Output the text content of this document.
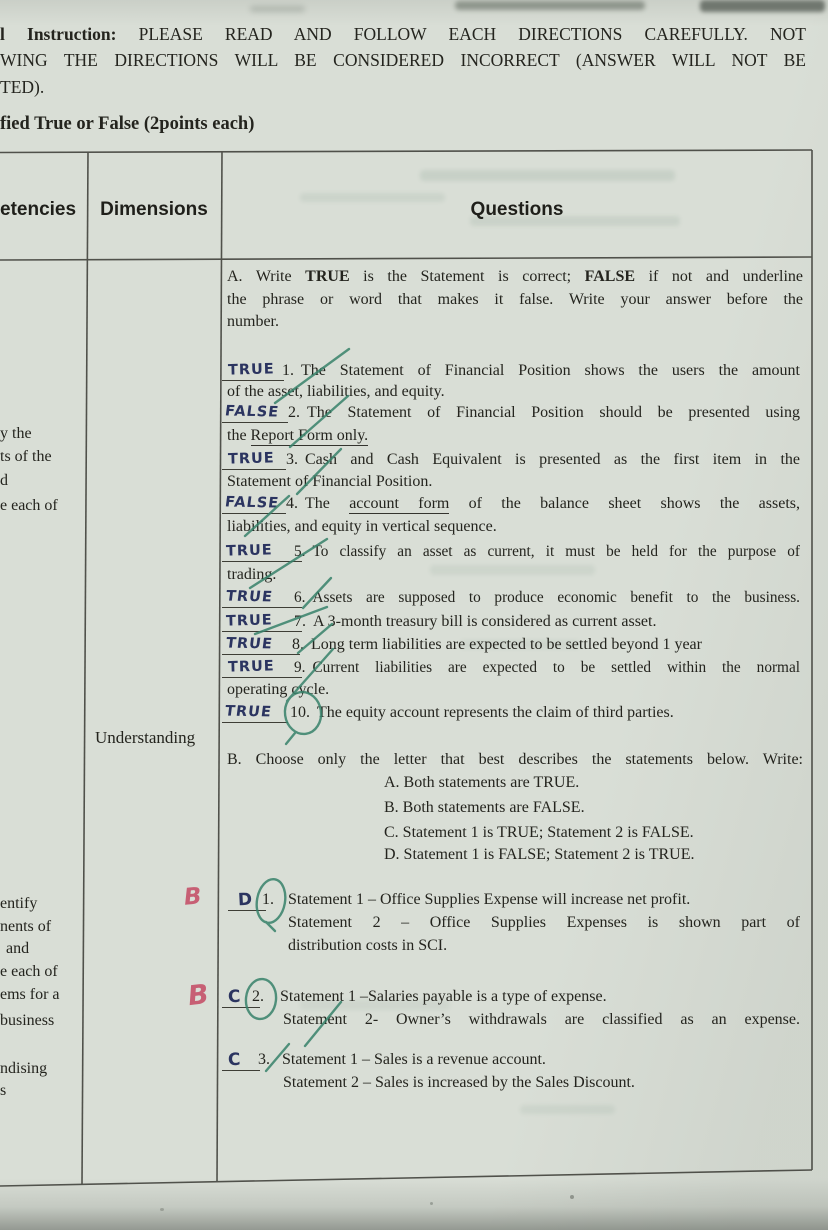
l Instruction: PLEASE READ AND FOLLOW EACH DIRECTIONS CAREFULLY. NOT
WING THE DIRECTIONS WILL BE CONSIDERED INCORRECT (ANSWER WILL NOT BE
TED).
fied True or False (2points each)
etencies	Dimensions	Questions
y the
ts of the
d
e each of
entify
nents of
and
e each of
ems for a
business
ndising
s
Understanding
A. Write TRUE is the Statement is correct; FALSE if not and underline
the phrase or word that makes it false. Write your answer before the
number.
1. The Statement of Financial Position shows the users the amount
of the asset, liabilities, and equity.
2. The Statement of Financial Position should be presented using
the Report Form only.
3. Cash and Cash Equivalent is presented as the first item in the
Statement of Financial Position.
4. The account form of the balance sheet shows the assets,
liabilities, and equity in vertical sequence.
5. To classify an asset as current, it must be held for the purpose of
trading.
6. Assets are supposed to produce economic benefit to the business.
7. A 3-month treasury bill is considered as current asset.
8. Long term liabilities are expected to be settled beyond 1 year
9. Current liabilities are expected to be settled within the normal
operating cycle.
10. The equity account represents the claim of third parties.
TRUE
FALSE
TRUE
FALSE
TRUE
TRUE
TRUE
TRUE
TRUE
TRUE
B. Choose only the letter that best describes the statements below. Write:
A. Both statements are TRUE.
B. Both statements are FALSE.
C. Statement 1 is TRUE; Statement 2 is FALSE.
D. Statement 1 is FALSE; Statement 2 is TRUE.
1. Statement 1 – Office Supplies Expense will increase net profit.
Statement 2 – Office Supplies Expenses is shown part of
distribution costs in SCI.
2. Statement 1 –Salaries payable is a type of expense.
Statement 2- Owner’s withdrawals are classified as an expense.
3. Statement 1 – Sales is a revenue account.
Statement 2 – Sales is increased by the Sales Discount.
D
C
C
B
B
